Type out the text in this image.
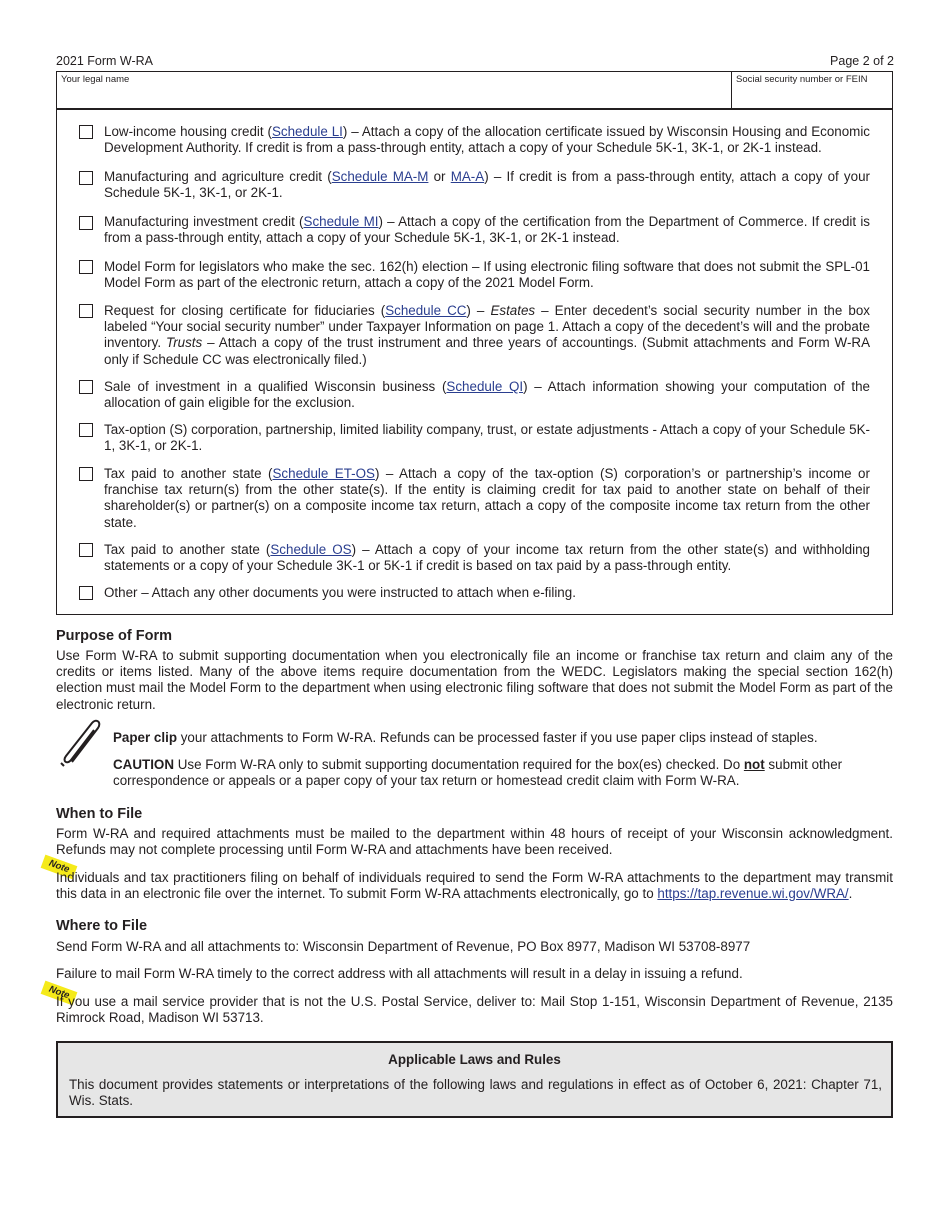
2021 Form W-RA	Page 2 of 2
Your legal name	Social security number or FEIN
Low-income housing credit (Schedule LI) – Attach a copy of the allocation certificate issued by Wisconsin Housing and Economic Development Authority. If credit is from a pass-through entity, attach a copy of your Schedule 5K-1, 3K-1, or 2K-1 instead.
Manufacturing and agriculture credit (Schedule MA-M or MA-A) – If credit is from a pass-through entity, attach a copy of your Schedule 5K-1, 3K-1, or 2K-1.
Manufacturing investment credit (Schedule MI) – Attach a copy of the certification from the Department of Commerce. If credit is from a pass-through entity, attach a copy of your Schedule 5K-1, 3K-1, or 2K-1 instead.
Model Form for legislators who make the sec. 162(h) election – If using electronic filing software that does not submit the SPL-01 Model Form as part of the electronic return, attach a copy of the 2021 Model Form.
Request for closing certificate for fiduciaries (Schedule CC) – Estates – Enter decedent’s social security number in the box labeled “Your social security number” under Taxpayer Information on page 1. Attach a copy of the decedent’s will and the probate inventory. Trusts – Attach a copy of the trust instrument and three years of accountings. (Submit attachments and Form W-RA only if Schedule CC was electronically filed.)
Sale of investment in a qualified Wisconsin business (Schedule QI) – Attach information showing your computation of the allocation of gain eligible for the exclusion.
Tax-option (S) corporation, partnership, limited liability company, trust, or estate adjustments - Attach a copy of your Schedule 5K-1, 3K-1, or 2K-1.
Tax paid to another state (Schedule ET-OS) – Attach a copy of the tax-option (S) corporation’s or partnership’s income or franchise tax return(s) from the other state(s). If the entity is claiming credit for tax paid to another state on behalf of their shareholder(s) or partner(s) on a composite income tax return, attach a copy of the composite income tax return from the other state.
Tax paid to another state (Schedule OS) – Attach a copy of your income tax return from the other state(s) and withholding statements or a copy of your Schedule 3K-1 or 5K-1 if credit is based on tax paid by a pass-through entity.
Other – Attach any other documents you were instructed to attach when e-filing.
Purpose of Form
Use Form W-RA to submit supporting documentation when you electronically file an income or franchise tax return and claim any of the credits or items listed. Many of the above items require documentation from the WEDC. Legislators making the special section 162(h) election must mail the Model Form to the department when using electronic filing software that does not submit the Model Form as part of the electronic return.
Paper clip your attachments to Form W-RA. Refunds can be processed faster if you use paper clips instead of staples.
CAUTION Use Form W-RA only to submit supporting documentation required for the box(es) checked. Do not submit other correspondence or appeals or a paper copy of your tax return or homestead credit claim with Form W-RA.
When to File
Form W-RA and required attachments must be mailed to the department within 48 hours of receipt of your Wisconsin acknowledgment. Refunds may not complete processing until Form W-RA and attachments have been received.
Note
Individuals and tax practitioners filing on behalf of individuals required to send the Form W-RA attachments to the department may transmit this data in an electronic file over the internet. To submit Form W-RA attachments electronically, go to https://tap.revenue.wi.gov/WRA/.
Where to File
Send Form W-RA and all attachments to: Wisconsin Department of Revenue, PO Box 8977, Madison WI 53708-8977
Failure to mail Form W-RA timely to the correct address with all attachments will result in a delay in issuing a refund.
Note
If you use a mail service provider that is not the U.S. Postal Service, deliver to: Mail Stop 1-151, Wisconsin Department of Revenue, 2135 Rimrock Road, Madison WI 53713.
Applicable Laws and Rules
This document provides statements or interpretations of the following laws and regulations in effect as of October 6, 2021: Chapter 71, Wis. Stats.
